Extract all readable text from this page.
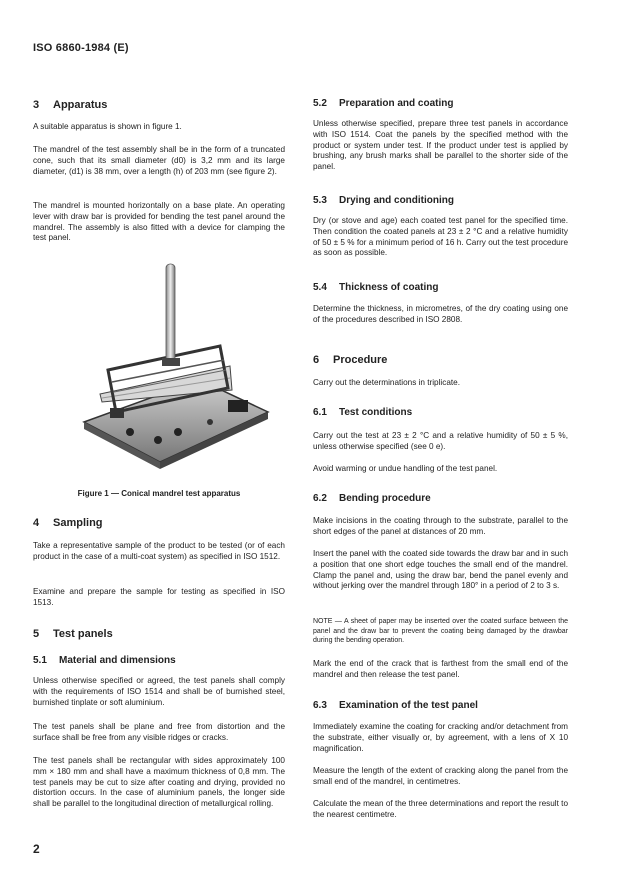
ISO 6860-1984 (E)
3 Apparatus

A suitable apparatus is shown in figure 1.

The mandrel of the test assembly shall be in the form of a truncated cone, such that its small diameter (d0) is 3,2 mm and its large diameter, (d1) is 38 mm, over a length (h) of 203 mm (see figure 2).

The mandrel is mounted horizontally on a base plate. An operating lever with draw bar is provided for bending the test panel around the mandrel. The assembly is also fitted with a device for clamping the test panel.

Figure 1 — Conical mandrel test apparatus
4 Sampling

Take a representative sample of the product to be tested (or of each product in the case of a multi-coat system) as specified in ISO 1512.

Examine and prepare the sample for testing as specified in ISO 1513.

5 Test panels
5.1 Material and dimensions

Unless otherwise specified or agreed, the test panels shall comply with the requirements of ISO 1514 and shall be of burnished steel, burnished tinplate or soft aluminium.

The test panels shall be plane and free from distortion and the surface shall be free from any visible ridges or cracks.

The test panels shall be rectangular with sides approximately 100 mm × 180 mm and shall have a maximum thickness of 0,8 mm. The test panels may be cut to size after coating and drying, provided no distortion occurs. In the case of aluminium panels, the longer side shall be parallel to the longitudinal direction of metallurgical rolling.

2
5.2 Preparation and coating

Unless otherwise specified, prepare three test panels in accordance with ISO 1514. Coat the panels by the specified method with the product or system under test. If the product under test is applied by brushing, any brush marks shall be parallel to the shorter side of the panel.

5.3 Drying and conditioning

Dry (or stove and age) each coated test panel for the specified time. Then condition the coated panels at 23 ± 2 °C and a relative humidity of 50 ± 5 % for a minimum period of 16 h. Carry out the test procedure as soon as possible.

5.4 Thickness of coating

Determine the thickness, in micrometres, of the dry coating using one of the procedures described in ISO 2808.

6 Procedure

Carry out the determinations in triplicate.

6.1 Test conditions

Carry out the test at 23 ± 2 °C and a relative humidity of 50 ± 5 %, unless otherwise specified (see 0 e).

Avoid warming or undue handling of the test panel.

6.2 Bending procedure

Make incisions in the coating through to the substrate, parallel to the short edges of the panel at distances of 20 mm.

Insert the panel with the coated side towards the draw bar and in such a position that one short edge touches the small end of the mandrel. Clamp the panel and, using the draw bar, bend the panel evenly and without jerking over the mandrel through 180° in a period of 2 to 3 s.

NOTE — A sheet of paper may be inserted over the coated surface between the panel and the draw bar to prevent the coating being damaged by the drawbar during the bending operation.

Mark the end of the crack that is farthest from the small end of the mandrel and then release the test panel.

6.3 Examination of the test panel

Immediately examine the coating for cracking and/or detachment from the substrate, either visually or, by agreement, with a lens of X 10 magnification.

Measure the length of the extent of cracking along the panel from the small end of the mandrel, in centimetres.

Calculate the mean of the three determinations and report the result to the nearest centimetre.
